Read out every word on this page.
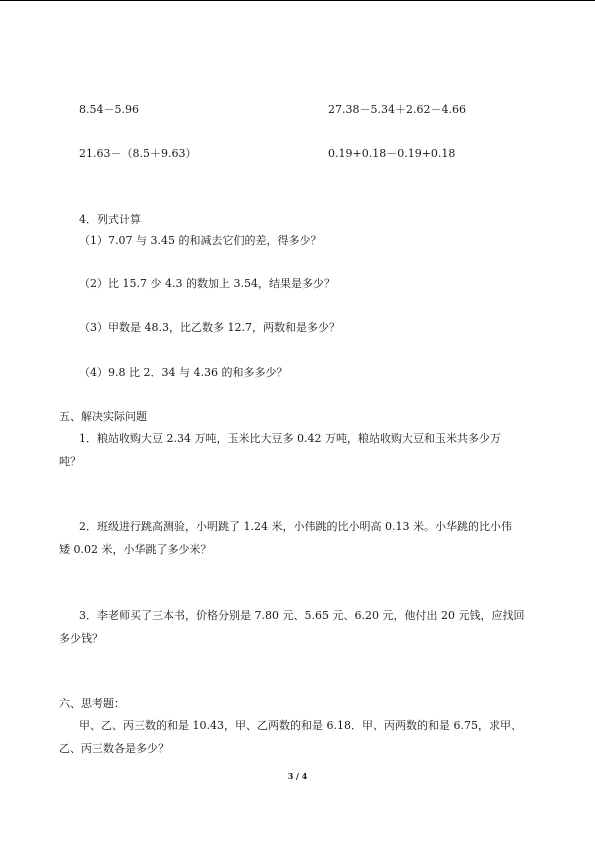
8.54－5.96	27.38－5.34＋2.62－4.66
21.63－（8.5＋9.63）	0.19+0.18－0.19+0.18
4．列式计算
（1）7.07 与 3.45 的和减去它们的差，得多少？
（2）比 15.7 少 4.3 的数加上 3.54，结果是多少？
（3）甲数是 48.3，比乙数多 12.7，两数和是多少？
（4）9.8 比 2．34 与 4.36 的和多多少？
五、解决实际问题
1．粮站收购大豆 2.34 万吨，玉米比大豆多 0.42 万吨，粮站收购大豆和玉米共多少万
吨？
2．班级进行跳高测验，小明跳了 1.24 米，小伟跳的比小明高 0.13 米。小华跳的比小伟
矮 0.02 米，小华跳了多少米？
3．李老师买了三本书，价格分别是 7.80 元、5.65 元、6.20 元，他付出 20 元钱，应找回
多少钱？
六、思考题：
甲、乙、丙三数的和是 10.43，甲、乙两数的和是 6.18．甲、丙两数的和是 6.75，求甲、
乙、丙三数各是多少？
3 / 4
